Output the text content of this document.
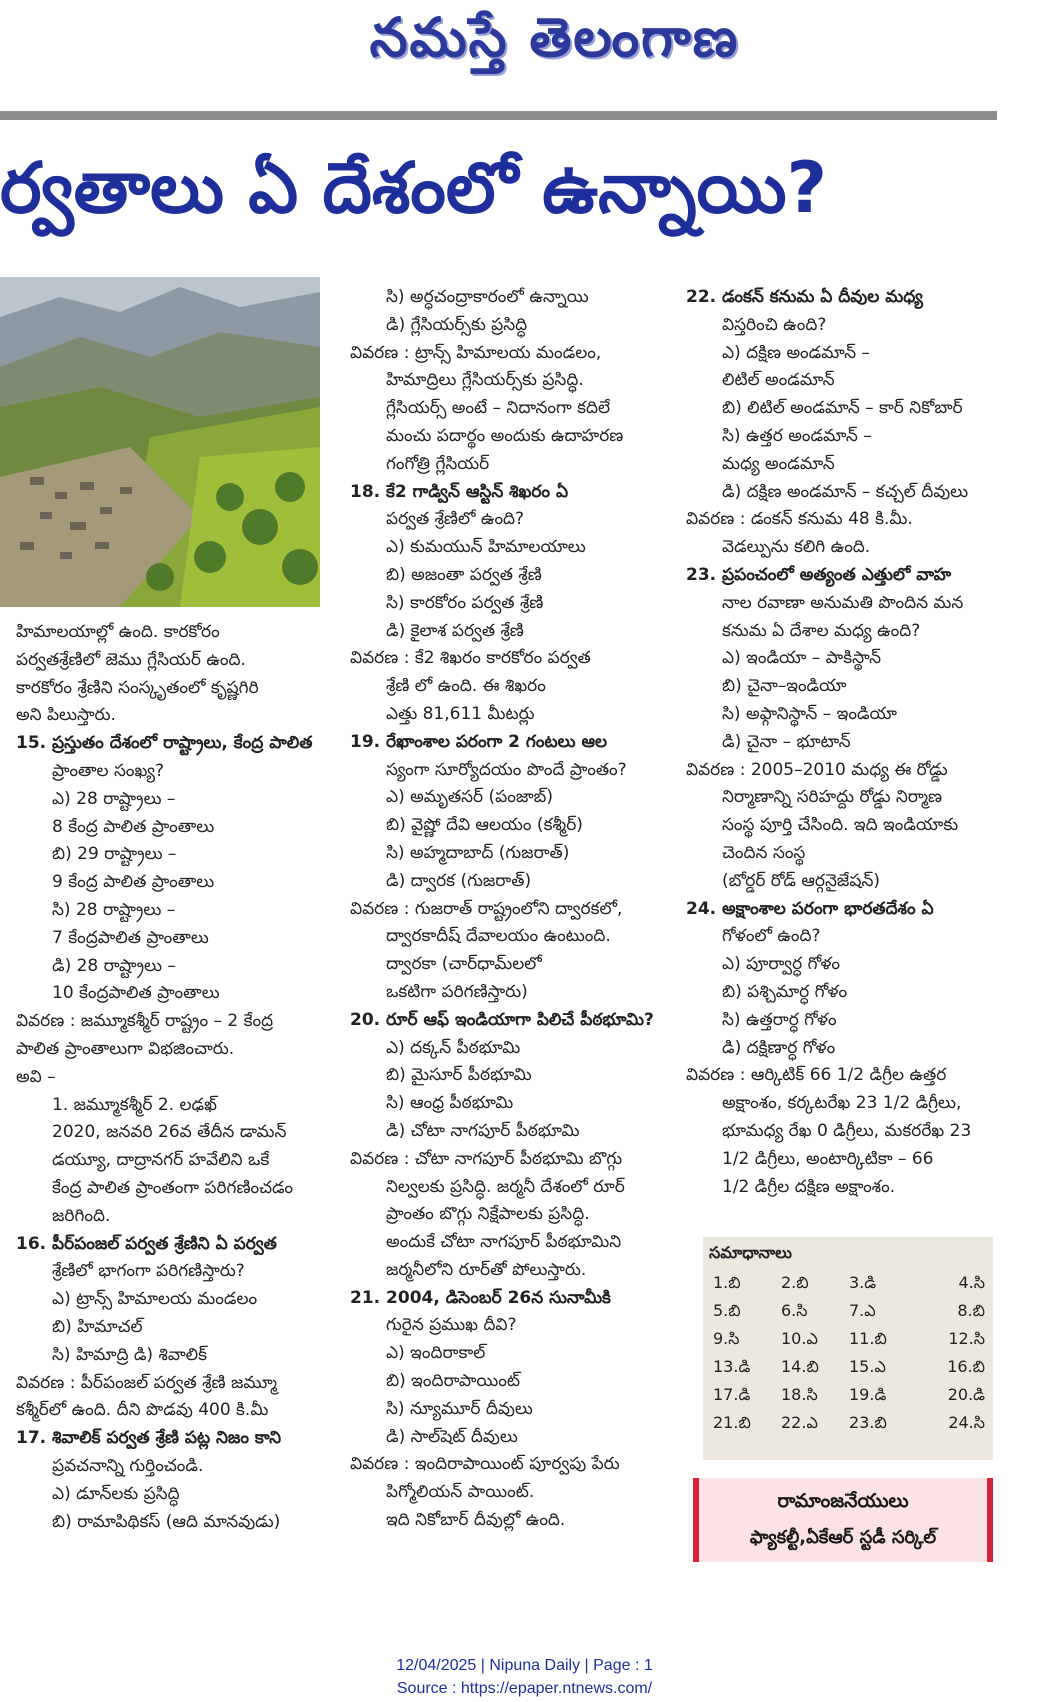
నమస్తే తెలంగాణ
ర్వతాలు ఏ దేశంలో ఉన్నాయి?

హిమాలయాల్లో ఉంది. కారకోరం

పర్వతశ్రేణిలో జెము గ్లేసియర్ ఉంది.

కారకోరం శ్రేణిని సంస్కృతంలో కృష్ణగిరి

అని పిలుస్తారు.

15. ప్రస్తుతం దేశంలో రాష్ట్రాలు, కేంద్ర పాలిత

ప్రాంతాల సంఖ్య?

ఎ) 28 రాష్ట్రాలు –

8 కేంద్ర పాలిత ప్రాంతాలు

బి) 29 రాష్ట్రాలు –

9 కేంద్ర పాలిత ప్రాంతాలు

సి) 28 రాష్ట్రాలు –

7 కేంద్రపాలిత ప్రాంతాలు

డి) 28 రాష్ట్రాలు –

10 కేంద్రపాలిత ప్రాంతాలు

వివరణ : జమ్మూకశ్మీర్ రాష్ట్రం – 2 కేంద్ర

పాలిత ప్రాంతాలుగా విభజించారు.

అవి –

1. జమ్మూకశ్మీర్ 2. లఢఖ్

2020, జనవరి 26వ తేదీన డామన్

డయ్యూ, దాద్రానగర్ హవేలిని ఒకే

కేంద్ర పాలిత ప్రాంతంగా పరిగణించడం

జరిగింది.

16. పీర్‌పంజల్ పర్వత శ్రేణిని ఏ పర్వత

శ్రేణిలో భాగంగా పరిగణిస్తారు?

ఎ) ట్రాన్స్ హిమాలయ మండలం

బి) హిమాచల్

సి) హిమాద్రి డి) శివాలిక్

వివరణ : పీర్‌పంజల్ పర్వత శ్రేణి జమ్మూ

కశ్మీర్‌లో ఉంది. దీని పొడవు 400 కి.మీ

17. శివాలిక్ పర్వత శ్రేణి పట్ల నిజం కాని

ప్రవచనాన్ని గుర్తించండి.

ఎ) డూన్‌లకు ప్రసిద్ధి

బి) రామాపిథికస్ (ఆది మానవుడు)

సి) అర్ధచంద్రాకారంలో ఉన్నాయి

డి) గ్లేసియర్స్‌కు ప్రసిద్ధి

వివరణ : ట్రాన్స్ హిమాలయ మండలం,

హిమాద్రిలు గ్లేసియర్స్‌కు ప్రసిద్ధి.

గ్లేసియర్స్ అంటే – నిదానంగా కదిలే

మంచు పదార్థం అందుకు ఉదాహరణ

గంగోత్రి గ్లేసియర్

18. కే2 గాడ్విన్ ఆస్టిన్ శిఖరం ఏ

పర్వత శ్రేణిలో ఉంది?

ఎ) కుమయున్ హిమాలయాలు

బి) అజంతా పర్వత శ్రేణి

సి) కారకోరం పర్వత శ్రేణి

డి) కైలాశ పర్వత శ్రేణి

వివరణ : కే2 శిఖరం కారకోరం పర్వత

శ్రేణి లో ఉంది. ఈ శిఖరం

ఎత్తు 81,611 మీటర్లు

19. రేఖాంశాల పరంగా 2 గంటలు ఆల

స్యంగా సూర్యోదయం పొందే ప్రాంతం?

ఎ) అమృతసర్ (పంజాబ్)

బి) వైష్ణో దేవి ఆలయం (కశ్మీర్)

సి) అహ్మదాబాద్ (గుజరాత్)

డి) ద్వారక (గుజరాత్)

వివరణ : గుజరాత్ రాష్ట్రంలోని ద్వారకలో,

ద్వారకాదీష్ దేవాలయం ఉంటుంది.

ద్వారకా (చార్‌ధామ్‌లలో

ఒకటిగా పరిగణిస్తారు)

20. రూర్ ఆఫ్ ఇండియాగా పిలిచే పీఠభూమి?

ఎ) దక్కన్ పీఠభూమి

బి) మైసూర్ పీఠభూమి

సి) ఆంధ్ర పీఠభూమి

డి) చోటా నాగపూర్ పీఠభూమి

వివరణ : చోటా నాగపూర్ పీఠభూమి బొగ్గు

నిల్వలకు ప్రసిద్ధి. జర్మనీ దేశంలో రూర్

ప్రాంతం బొగ్గు నిక్షేపాలకు ప్రసిద్ధి.

అందుకే చోటా నాగపూర్ పీఠభూమిని

జర్మనీలోని రూర్‌తో పోలుస్తారు.

21. 2004, డిసెంబర్ 26న సునామీకి

గురైన ప్రముఖ దీవి?

ఎ) ఇందిరాకాల్

బి) ఇందిరాపాయింట్

సి) న్యూమూర్ దీవులు

డి) సాల్‌షెట్ దీవులు

వివరణ : ఇందిరాపాయింట్ పూర్వపు పేరు

పిగ్మోలియన్ పాయింట్.

ఇది నికోబార్ దీవుల్లో ఉంది.

22. డంకన్ కనుమ ఏ దీవుల మధ్య

విస్తరించి ఉంది?

ఎ) దక్షిణ అండమాన్ –

లిటిల్ అండమాన్

బి) లిటిల్ అండమాన్ – కార్ నికోబార్

సి) ఉత్తర అండమాన్ –

మధ్య అండమాన్

డి) దక్షిణ అండమాన్ – కచ్చల్ దీవులు

వివరణ : డంకన్ కనుమ 48 కి.మీ.

వెడల్పును కలిగి ఉంది.

23. ప్రపంచంలో అత్యంత ఎత్తులో వాహ

నాల రవాణా అనుమతి పొందిన మన

కనుమ ఏ దేశాల మధ్య ఉంది?

ఎ) ఇండియా – పాకిస్థాన్

బి) చైనా–ఇండియా

సి) అఫ్గానిస్థాన్ – ఇండియా

డి) చైనా – భూటాన్

వివరణ : 2005–2010 మధ్య ఈ రోడ్డు

నిర్మాణాన్ని సరిహద్దు రోడ్డు నిర్మాణ

సంస్థ పూర్తి చేసింది. ఇది ఇండియాకు

చెందిన సంస్థ

(బోర్డర్ రోడ్ ఆర్గనైజేషన్)

24. అక్షాంశాల పరంగా భారతదేశం ఏ

గోళంలో ఉంది?

ఎ) పూర్వార్ధ గోళం

బి) పశ్చిమార్ధ గోళం

సి) ఉత్తరార్ధ గోళం

డి) దక్షిణార్ధ గోళం

వివరణ : ఆర్కిటిక్ 66 1/2 డిగ్రీల ఉత్తర

అక్షాంశం, కర్కటరేఖ 23 1/2 డిగ్రీలు,

భూమధ్య రేఖ 0 డిగ్రీలు, మకరరేఖ 23

1/2 డిగ్రీలు, అంటార్కిటికా – 66

1/2 డిగ్రీల దక్షిణ అక్షాంశం.

సమాధానాలు
1.బి	2.బి	3.డి	4.సి
5.బి	6.సి	7.ఎ	8.బి
9.సి	10.ఎ	11.బి	12.సి
13.డి	14.బి	15.ఎ	16.బి
17.డి	18.సి	19.డి	20.డి
21.బి	22.ఎ	23.బి	24.సి
రామాంజనేయులు
ఫ్యాకల్టీ,ఏకేఆర్ స్టడీ సర్కిల్
12/04/2025 | Nipuna Daily | Page : 1
Source : https://epaper.ntnews.com/
